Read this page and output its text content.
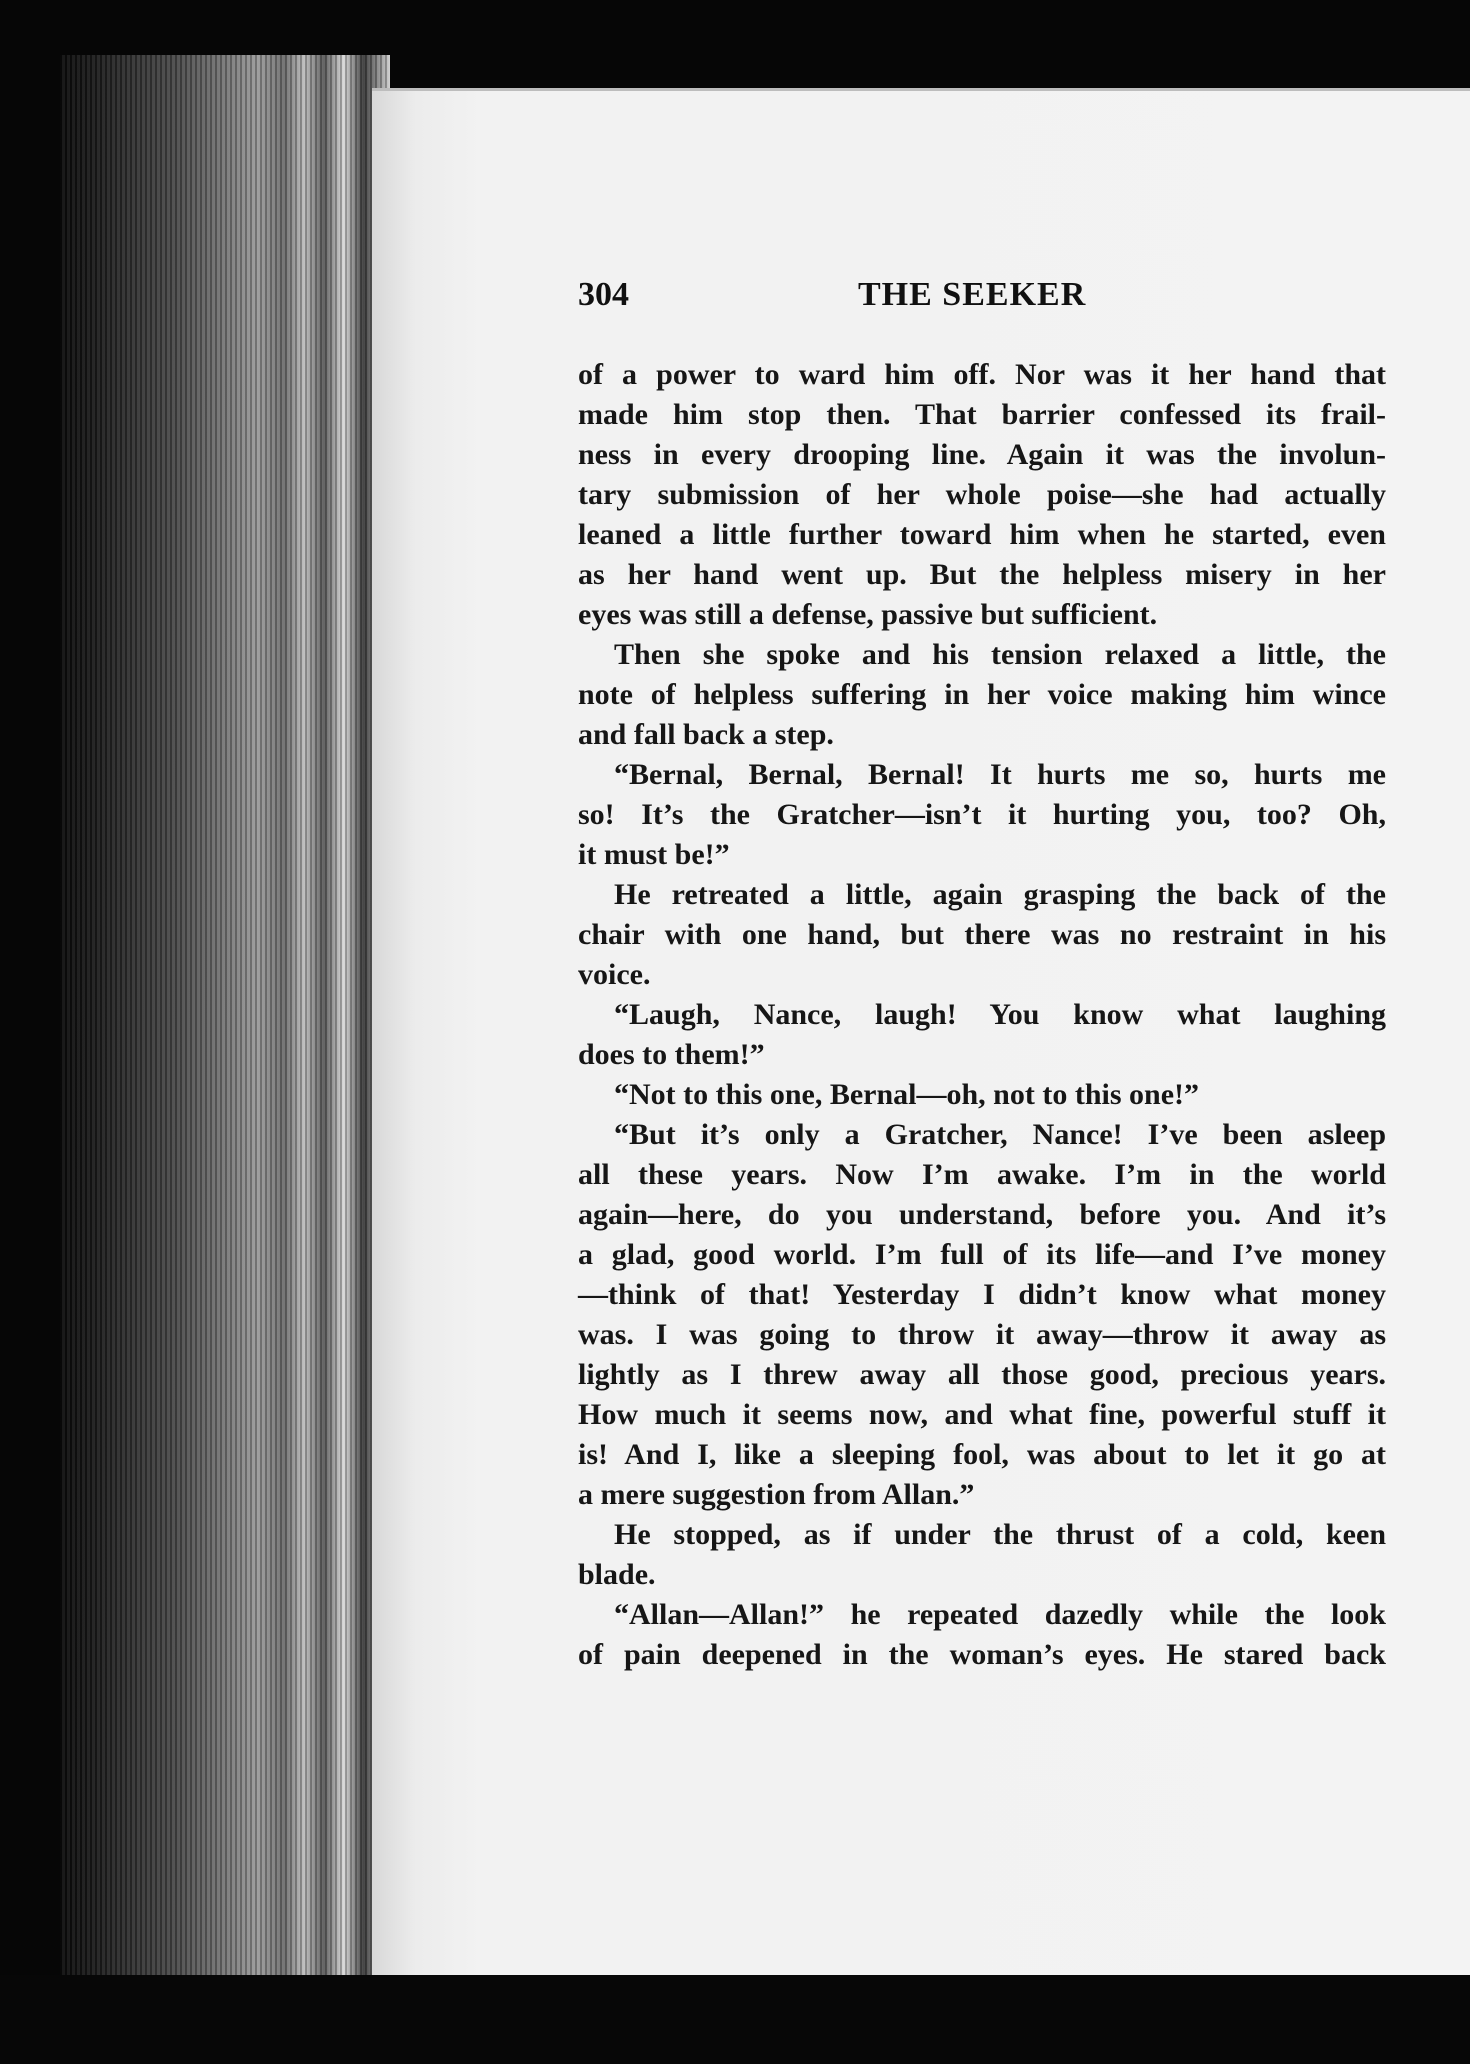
304	THE SEEKER
of a power to ward him off. Nor was it her hand that
made him stop then. That barrier confessed its frail-
ness in every drooping line. Again it was the involun-
tary submission of her whole poise—she had actually
leaned a little further toward him when he started, even
as her hand went up. But the helpless misery in her
eyes was still a defense, passive but sufficient.
Then she spoke and his tension relaxed a little, the
note of helpless suffering in her voice making him wince
and fall back a step.
“Bernal, Bernal, Bernal! It hurts me so, hurts me
so! It’s the Gratcher—isn’t it hurting you, too? Oh,
it must be!”
He retreated a little, again grasping the back of the
chair with one hand, but there was no restraint in his
voice.
“Laugh, Nance, laugh! You know what laughing
does to them!”
“Not to this one, Bernal—oh, not to this one!”
“But it’s only a Gratcher, Nance! I’ve been asleep
all these years. Now I’m awake. I’m in the world
again—here, do you understand, before you. And it’s
a glad, good world. I’m full of its life—and I’ve money
—think of that! Yesterday I didn’t know what money
was. I was going to throw it away—throw it away as
lightly as I threw away all those good, precious years.
How much it seems now, and what fine, powerful stuff it
is! And I, like a sleeping fool, was about to let it go at
a mere suggestion from Allan.”
He stopped, as if under the thrust of a cold, keen
blade.
“Allan—Allan!” he repeated dazedly while the look
of pain deepened in the woman’s eyes. He stared back
